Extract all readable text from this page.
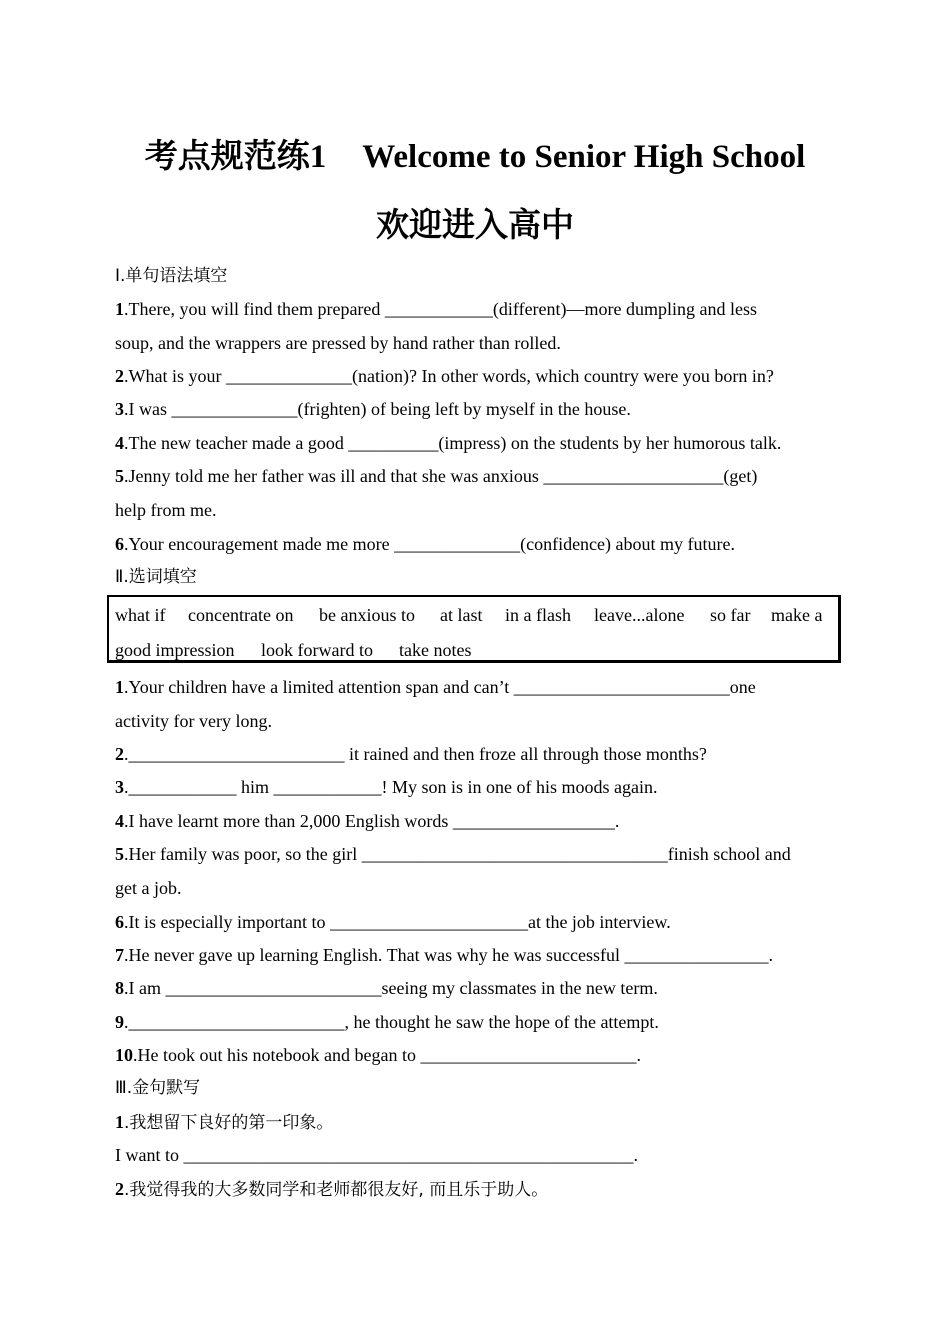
考点规范练1 Welcome to Senior High School
欢迎进入高中
Ⅰ.单句语法填空
1.There, you will find them prepared ____________(different)—more dumpling and less
soup, and the wrappers are pressed by hand rather than rolled.
2.What is your ______________(nation)? In other words, which country were you born in?
3.I was ______________(frighten) of being left by myself in the house.
4.The new teacher made a good __________(impress) on the students by her humorous talk.
5.Jenny told me her father was ill and that she was anxious ____________________(get)
help from me.
6.Your encouragement made me more ______________(confidence) about my future.
Ⅱ.选词填空
what if concentrate on be anxious to at last in a flash leave...alone so far make a
good impression look forward to take notes
1.Your children have a limited attention span and can’t ________________________one
activity for very long.
2.________________________ it rained and then froze all through those months?
3.____________ him ____________! My son is in one of his moods again.
4.I have learnt more than 2,000 English words __________________.
5.Her family was poor, so the girl __________________________________finish school and
get a job.
6.It is especially important to ______________________at the job interview.
7.He never gave up learning English. That was why he was successful ________________.
8.I am ________________________seeing my classmates in the new term.
9.________________________, he thought he saw the hope of the attempt.
10.He took out his notebook and began to ________________________.
Ⅲ.金句默写
1.我想留下良好的第一印象。
I want to __________________________________________________.
2.我觉得我的大多数同学和老师都很友好, 而且乐于助人。
